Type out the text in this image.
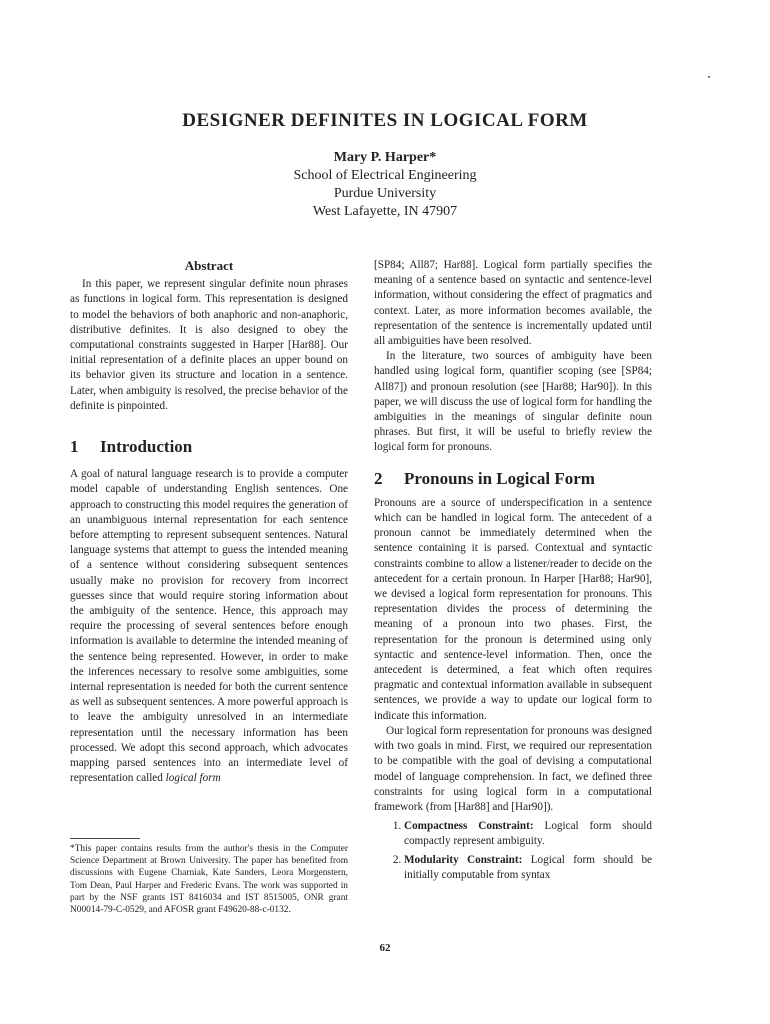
DESIGNER DEFINITES IN LOGICAL FORM
Mary P. Harper*
School of Electrical Engineering
Purdue University
West Lafayette, IN 47907
Abstract

In this paper, we represent singular definite noun phrases as functions in logical form. This representation is designed to model the behaviors of both anaphoric and non-anaphoric, distributive definites. It is also designed to obey the computational constraints suggested in Harper [Har88]. Our initial representation of a definite places an upper bound on its behavior given its structure and location in a sentence. Later, when ambiguity is resolved, the precise behavior of the definite is pinpointed.

1 Introduction

A goal of natural language research is to provide a computer model capable of understanding English sentences. One approach to constructing this model requires the generation of an unambiguous internal representation for each sentence before attempting to represent subsequent sentences. Natural language systems that attempt to guess the intended meaning of a sentence without considering subsequent sentences usually make no provision for recovery from incorrect guesses since that would require storing information about the ambiguity of the sentence. Hence, this approach may require the processing of several sentences before enough information is available to determine the intended meaning of the sentence being represented. However, in order to make the inferences necessary to resolve some ambiguities, some internal representation is needed for both the current sentence as well as subsequent sentences. A more powerful approach is to leave the ambiguity unresolved in an intermediate representation until the necessary information has been processed. We adopt this second approach, which advocates mapping parsed sentences into an intermediate level of representation called logical form

*This paper contains results from the author's thesis in the Computer Science Department at Brown University. The paper has benefited from discussions with Eugene Charniak, Kate Sanders, Leora Morgenstern, Tom Dean, Paul Harper and Frederic Evans. The work was supported in part by the NSF grants IST 8416034 and IST 8515005, ONR grant N00014-79-C-0529, and AFOSR grant F49620-88-c-0132.

[SP84; All87; Har88]. Logical form partially specifies the meaning of a sentence based on syntactic and sentence-level information, without considering the effect of pragmatics and context. Later, as more information becomes available, the representation of the sentence is incrementally updated until all ambiguities have been resolved.

In the literature, two sources of ambiguity have been handled using logical form, quantifier scoping (see [SP84; All87]) and pronoun resolution (see [Har88; Har90]). In this paper, we will discuss the use of logical form for handling the ambiguities in the meanings of singular definite noun phrases. But first, it will be useful to briefly review the logical form for pronouns.

2 Pronouns in Logical Form

Pronouns are a source of underspecification in a sentence which can be handled in logical form. The antecedent of a pronoun cannot be immediately determined when the sentence containing it is parsed. Contextual and syntactic constraints combine to allow a listener/reader to decide on the antecedent for a certain pronoun. In Harper [Har88; Har90], we devised a logical form representation for pronouns. This representation divides the process of determining the meaning of a pronoun into two phases. First, the representation for the pronoun is determined using only syntactic and sentence-level information. Then, once the antecedent is determined, a feat which often requires pragmatic and contextual information available in subsequent sentences, we provide a way to update our logical form to indicate this information.

Our logical form representation for pronouns was designed with two goals in mind. First, we required our representation to be compatible with the goal of devising a computational model of language comprehension. In fact, we defined three constraints for using logical form in a computational framework (from [Har88] and [Har90]).

1. Compactness Constraint: Logical form should compactly represent ambiguity.
2. Modularity Constraint: Logical form should be initially computable from syntax
62
